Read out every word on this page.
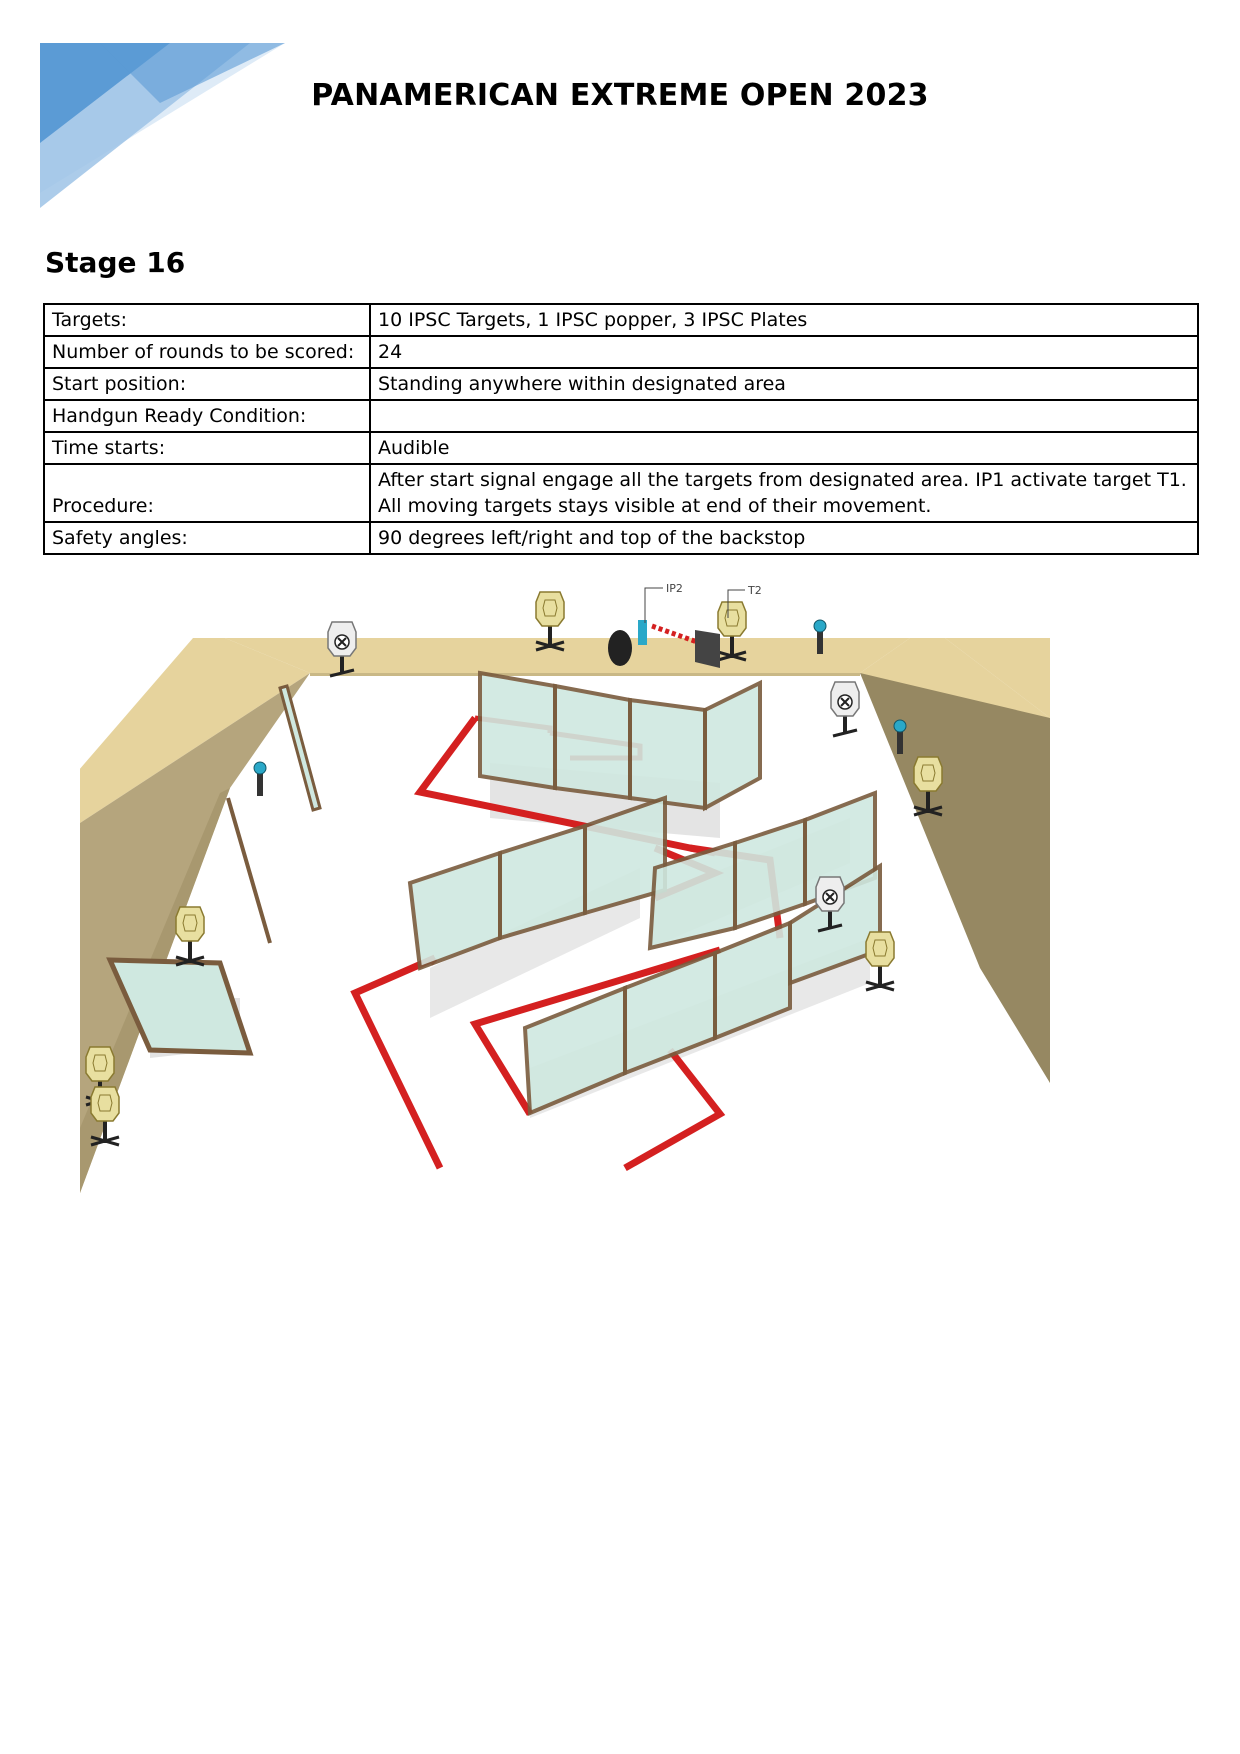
PANAMERICAN EXTREME OPEN 2023
Stage 16
Targets:	10 IPSC Targets, 1 IPSC popper, 3 IPSC Plates
Number of rounds to be scored:	24
Start position:	Standing anywhere within designated area
Handgun Ready Condition:	
Time starts:	Audible
Procedure:	After start signal engage all the targets from designated area. IP1 activate target T1. All moving targets stays visible at end of their movement.
Safety angles:	90 degrees left/right and top of the backstop
IP2	T2
